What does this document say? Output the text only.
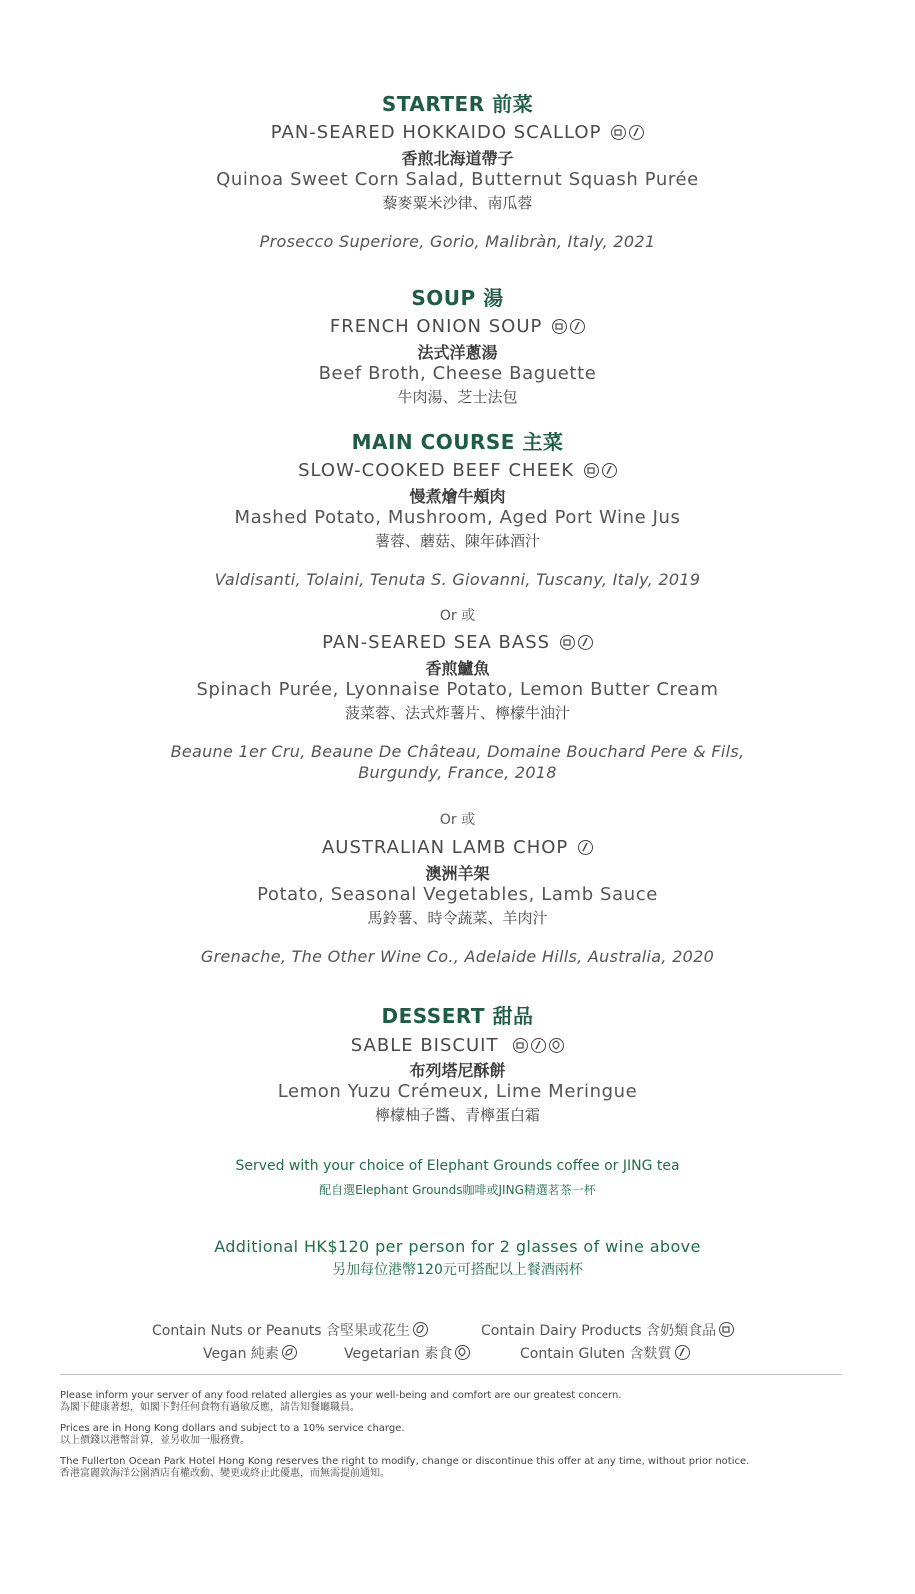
STARTER 前菜
PAN-SEARED HOKKAIDO SCALLOP
香煎北海道帶子
Quinoa Sweet Corn Salad, Butternut Squash Purée
藜麥粟米沙律、南瓜蓉
Prosecco Superiore, Gorio, Malibràn, Italy, 2021
SOUP 湯
FRENCH ONION SOUP
法式洋蔥湯
Beef Broth, Cheese Baguette
牛肉湯、芝士法包
MAIN COURSE 主菜
SLOW-COOKED BEEF CHEEK
慢煮燴牛頰肉
Mashed Potato, Mushroom, Aged Port Wine Jus
薯蓉、蘑菇、陳年砵酒汁
Valdisanti, Tolaini, Tenuta S. Giovanni, Tuscany, Italy, 2019
Or 或
PAN-SEARED SEA BASS
香煎鱸魚
Spinach Purée, Lyonnaise Potato, Lemon Butter Cream
菠菜蓉、法式炸薯片、檸檬牛油汁
Beaune 1er Cru, Beaune De Château, Domaine Bouchard Pere & Fils,
Burgundy, France, 2018
Or 或
AUSTRALIAN LAMB CHOP
澳洲羊架
Potato, Seasonal Vegetables, Lamb Sauce
馬鈴薯、時令蔬菜、羊肉汁
Grenache, The Other Wine Co., Adelaide Hills, Australia, 2020
DESSERT 甜品
SABLE BISCUIT
布列塔尼酥餅
Lemon Yuzu Crémeux, Lime Meringue
檸檬柚子醬、青檸蛋白霜
Served with your choice of Elephant Grounds coffee or JING tea
配自選Elephant Grounds咖啡或JING精選茗茶一杯
Additional HK$120 per person for 2 glasses of wine above
另加每位港幣120元可搭配以上餐酒兩杯
Contain Nuts or Peanuts 含堅果或花生	Contain Dairy Products 含奶類食品
Vegan 純素	Vegetarian 素食	Contain Gluten 含麩質
Please inform your server of any food related allergies as your well-being and comfort are our greatest concern.
為閣下健康著想，如閣下對任何食物有過敏反應，請告知餐廳職員。
Prices are in Hong Kong dollars and subject to a 10% service charge.
以上價錢以港幣計算，並另收加一服務費。
The Fullerton Ocean Park Hotel Hong Kong reserves the right to modify, change or discontinue this offer at any time, without prior notice.
香港富麗敦海洋公園酒店有權改動、變更或終止此優惠，而無需提前通知。
